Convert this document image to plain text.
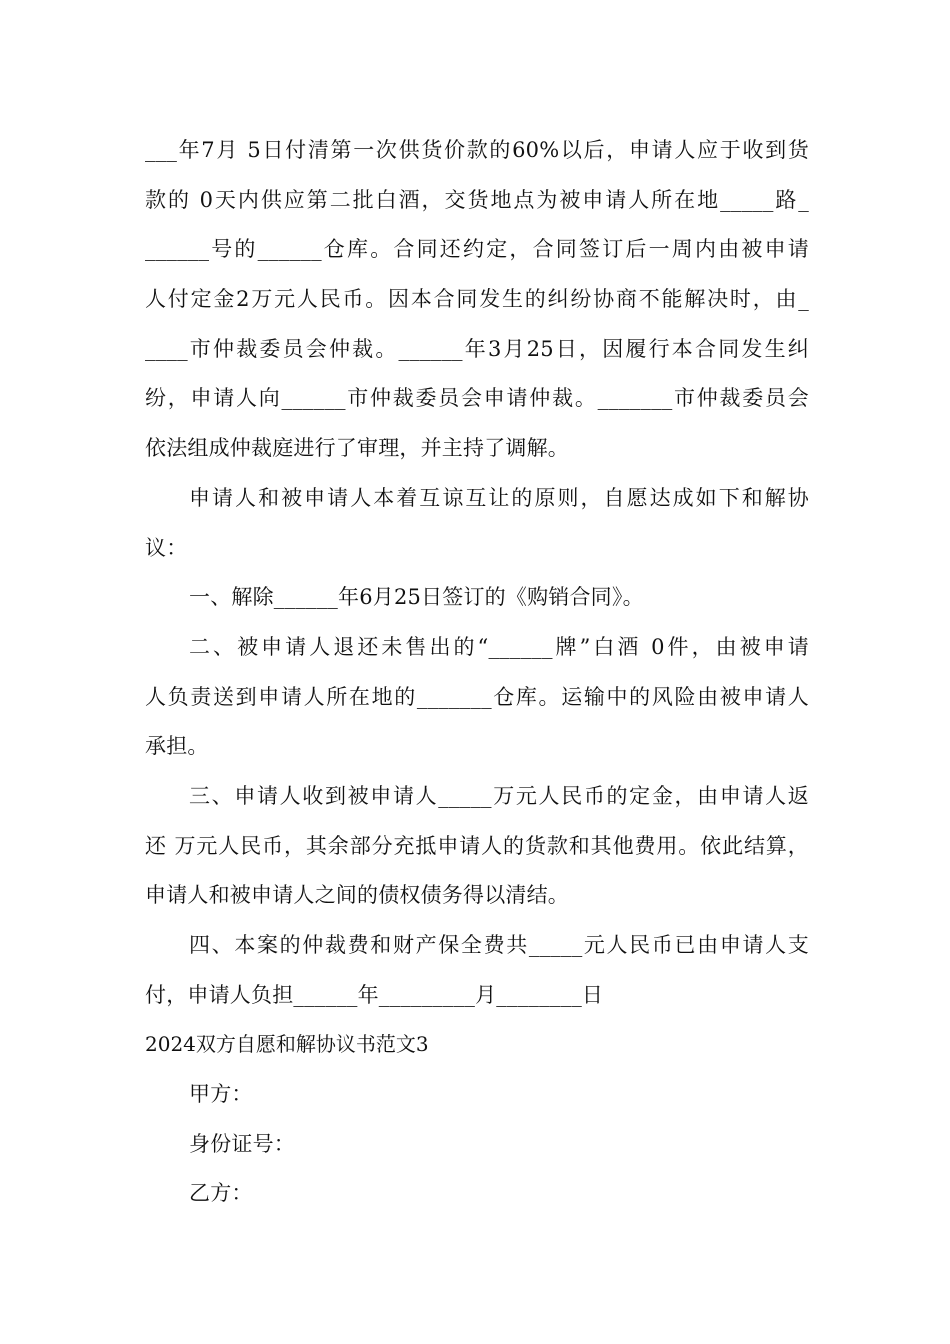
___年7月 5日付清第一次供货价款的60%以后，申请人应于收到货
款的 0天内供应第二批白酒，交货地点为被申请人所在地_____路_
______号的______仓库。合同还约定，合同签订后一周内由被申请
人付定金2万元人民币。因本合同发生的纠纷协商不能解决时，由_
____市仲裁委员会仲裁。______年3月25日，因履行本合同发生纠
纷，申请人向______市仲裁委员会申请仲裁。_______市仲裁委员会
依法组成仲裁庭进行了审理，并主持了调解。
申请人和被申请人本着互谅互让的原则，自愿达成如下和解协
议：
一、解除______年6月25日签订的《购销合同》。
二、被申请人退还未售出的“______牌”白酒 0件，由被申请
人负责送到申请人所在地的_______仓库。运输中的风险由被申请人
承担。
三、申请人收到被申请人_____万元人民币的定金，由申请人返
还 万元人民币，其余部分充抵申请人的货款和其他费用。依此结算，
申请人和被申请人之间的债权债务得以清结。
四、本案的仲裁费和财产保全费共_____元人民币已由申请人支
付，申请人负担______年_________月________日
2024双方自愿和解协议书范文3
甲方：
身份证号：
乙方：
